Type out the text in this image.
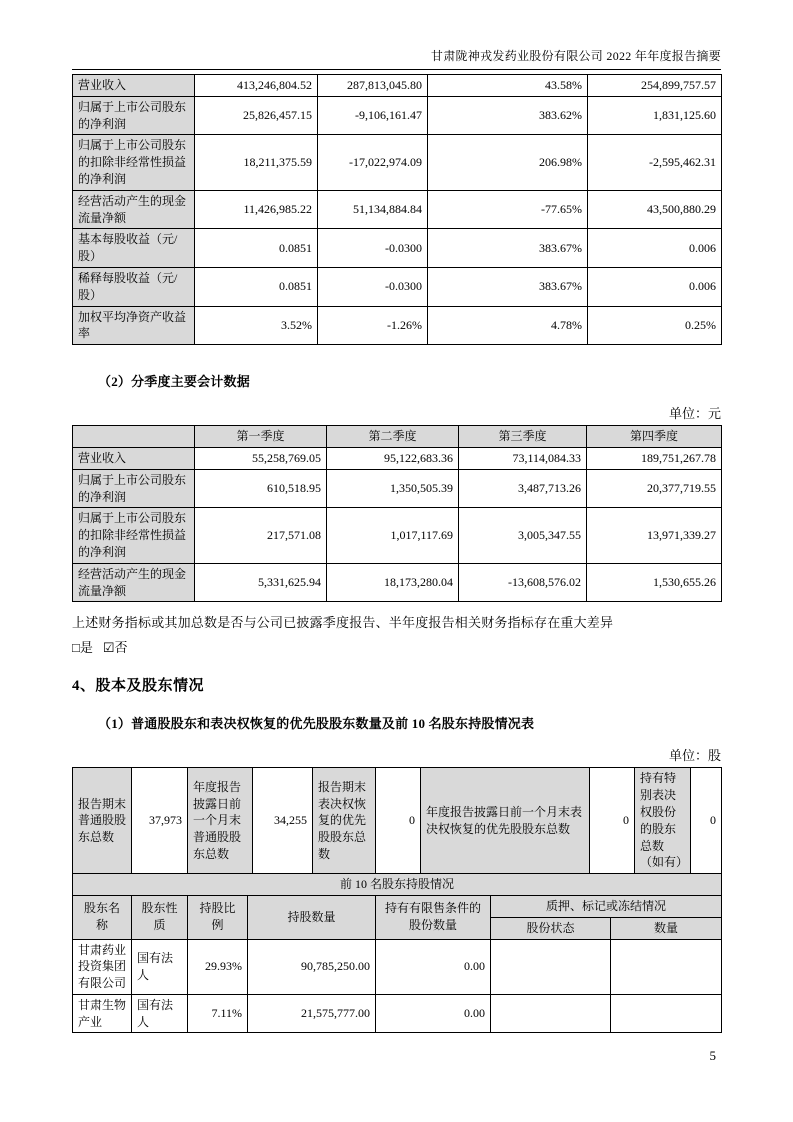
甘肃陇神戎发药业股份有限公司 2022 年年度报告摘要
营业收入	413,246,804.52	287,813,045.80	43.58%	254,899,757.57
归属于上市公司股东的净利润	25,826,457.15	-9,106,161.47	383.62%	1,831,125.60
归属于上市公司股东的扣除非经常性损益的净利润	18,211,375.59	-17,022,974.09	206.98%	-2,595,462.31
经营活动产生的现金流量净额	11,426,985.22	51,134,884.84	-77.65%	43,500,880.29
基本每股收益（元/股）	0.0851	-0.0300	383.67%	0.006
稀释每股收益（元/股）	0.0851	-0.0300	383.67%	0.006
加权平均净资产收益率	3.52%	-1.26%	4.78%	0.25%
（2）分季度主要会计数据
单位：元
	第一季度	第二季度	第三季度	第四季度
营业收入	55,258,769.05	95,122,683.36	73,114,084.33	189,751,267.78
归属于上市公司股东的净利润	610,518.95	1,350,505.39	3,487,713.26	20,377,719.55
归属于上市公司股东的扣除非经常性损益的净利润	217,571.08	1,017,117.69	3,005,347.55	13,971,339.27
经营活动产生的现金流量净额	5,331,625.94	18,173,280.04	-13,608,576.02	1,530,655.26
上述财务指标或其加总数是否与公司已披露季度报告、半年度报告相关财务指标存在重大差异
□是 ☑否
4、股本及股东情况
（1）普通股股东和表决权恢复的优先股股东数量及前 10 名股东持股情况表
单位：股
报告期末普通股股东总数	37,973	年度报告披露日前一个月末普通股股东总数	34,255	报告期末表决权恢复的优先股股东总数	0	年度报告披露日前一个月末表决权恢复的优先股股东总数	0	持有特别表决权股份的股东总数（如有）	0
前 10 名股东持股情况						
股东名称	股东性质	持股比例	持股数量	持有有限售条件的股份数量	质押、标记或冻结情况	
					股份状态	数量
甘肃药业投资集团有限公司	国有法人	29.93%	90,785,250.00	0.00		
甘肃生物产业	国有法人	7.11%	21,575,777.00	0.00		
5
